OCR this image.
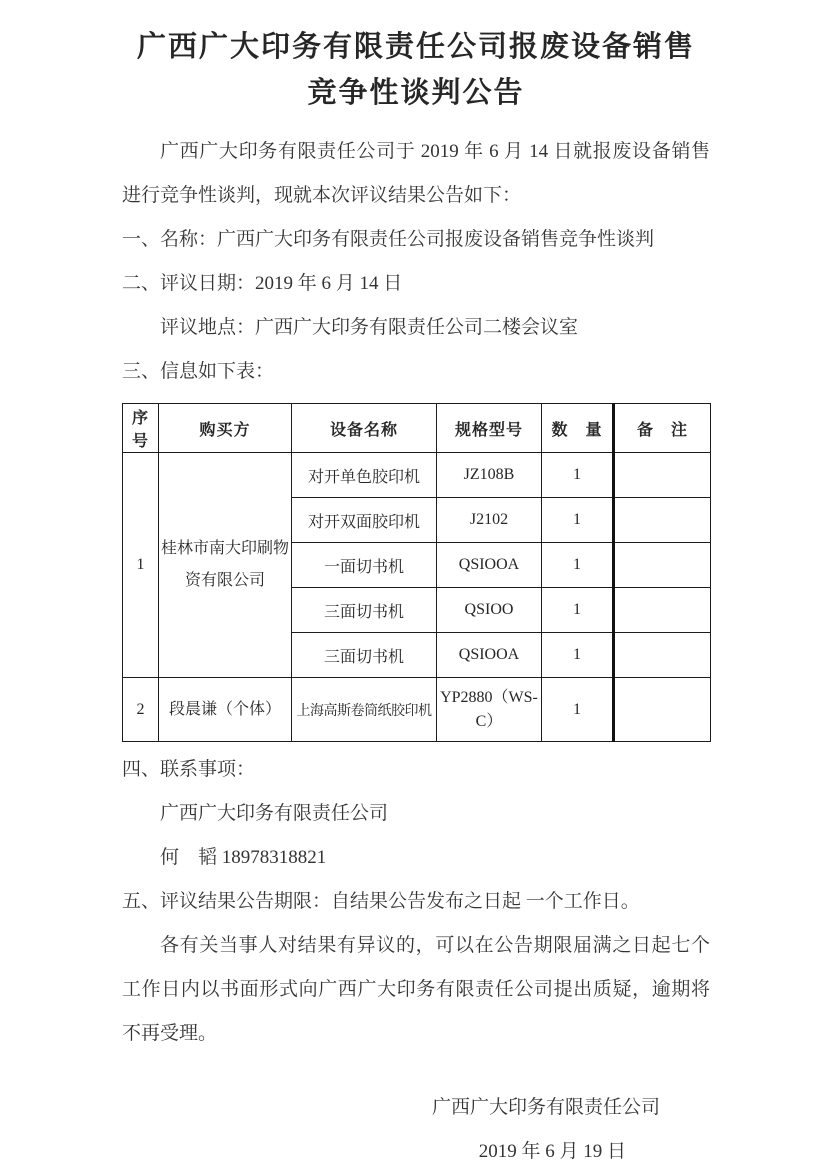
广西广大印务有限责任公司报废设备销售
竞争性谈判公告

广西广大印务有限责任公司于 2019 年 6 月 14 日就报废设备销售进行竞争性谈判，现就本次评议结果公告如下：

一、名称：广西广大印务有限责任公司报废设备销售竞争性谈判

二、评议日期：2019 年 6 月 14 日

评议地点：广西广大印务有限责任公司二楼会议室

三、信息如下表：

序号	购买方	设备名称	规格型号	数　量	备　注
1	桂林市南大印刷物资有限公司	对开单色胶印机	JZ108B	1	
		对开双面胶印机	J2102	1	
		一面切书机	QSIOOA	1	
		三面切书机	QSIOO	1	
		三面切书机	QSIOOA	1	
2	段晨谦（个体）	上海高斯卷筒纸胶印机	YP2880（WS-C）	1	

四、联系事项：

广西广大印务有限责任公司

何　韬 18978318821

五、评议结果公告期限：自结果公告发布之日起 一个工作日。

各有关当事人对结果有异议的，可以在公告期限届满之日起七个工作日内以书面形式向广西广大印务有限责任公司提出质疑，逾期将不再受理。

广西广大印务有限责任公司

2019 年 6 月 19 日
